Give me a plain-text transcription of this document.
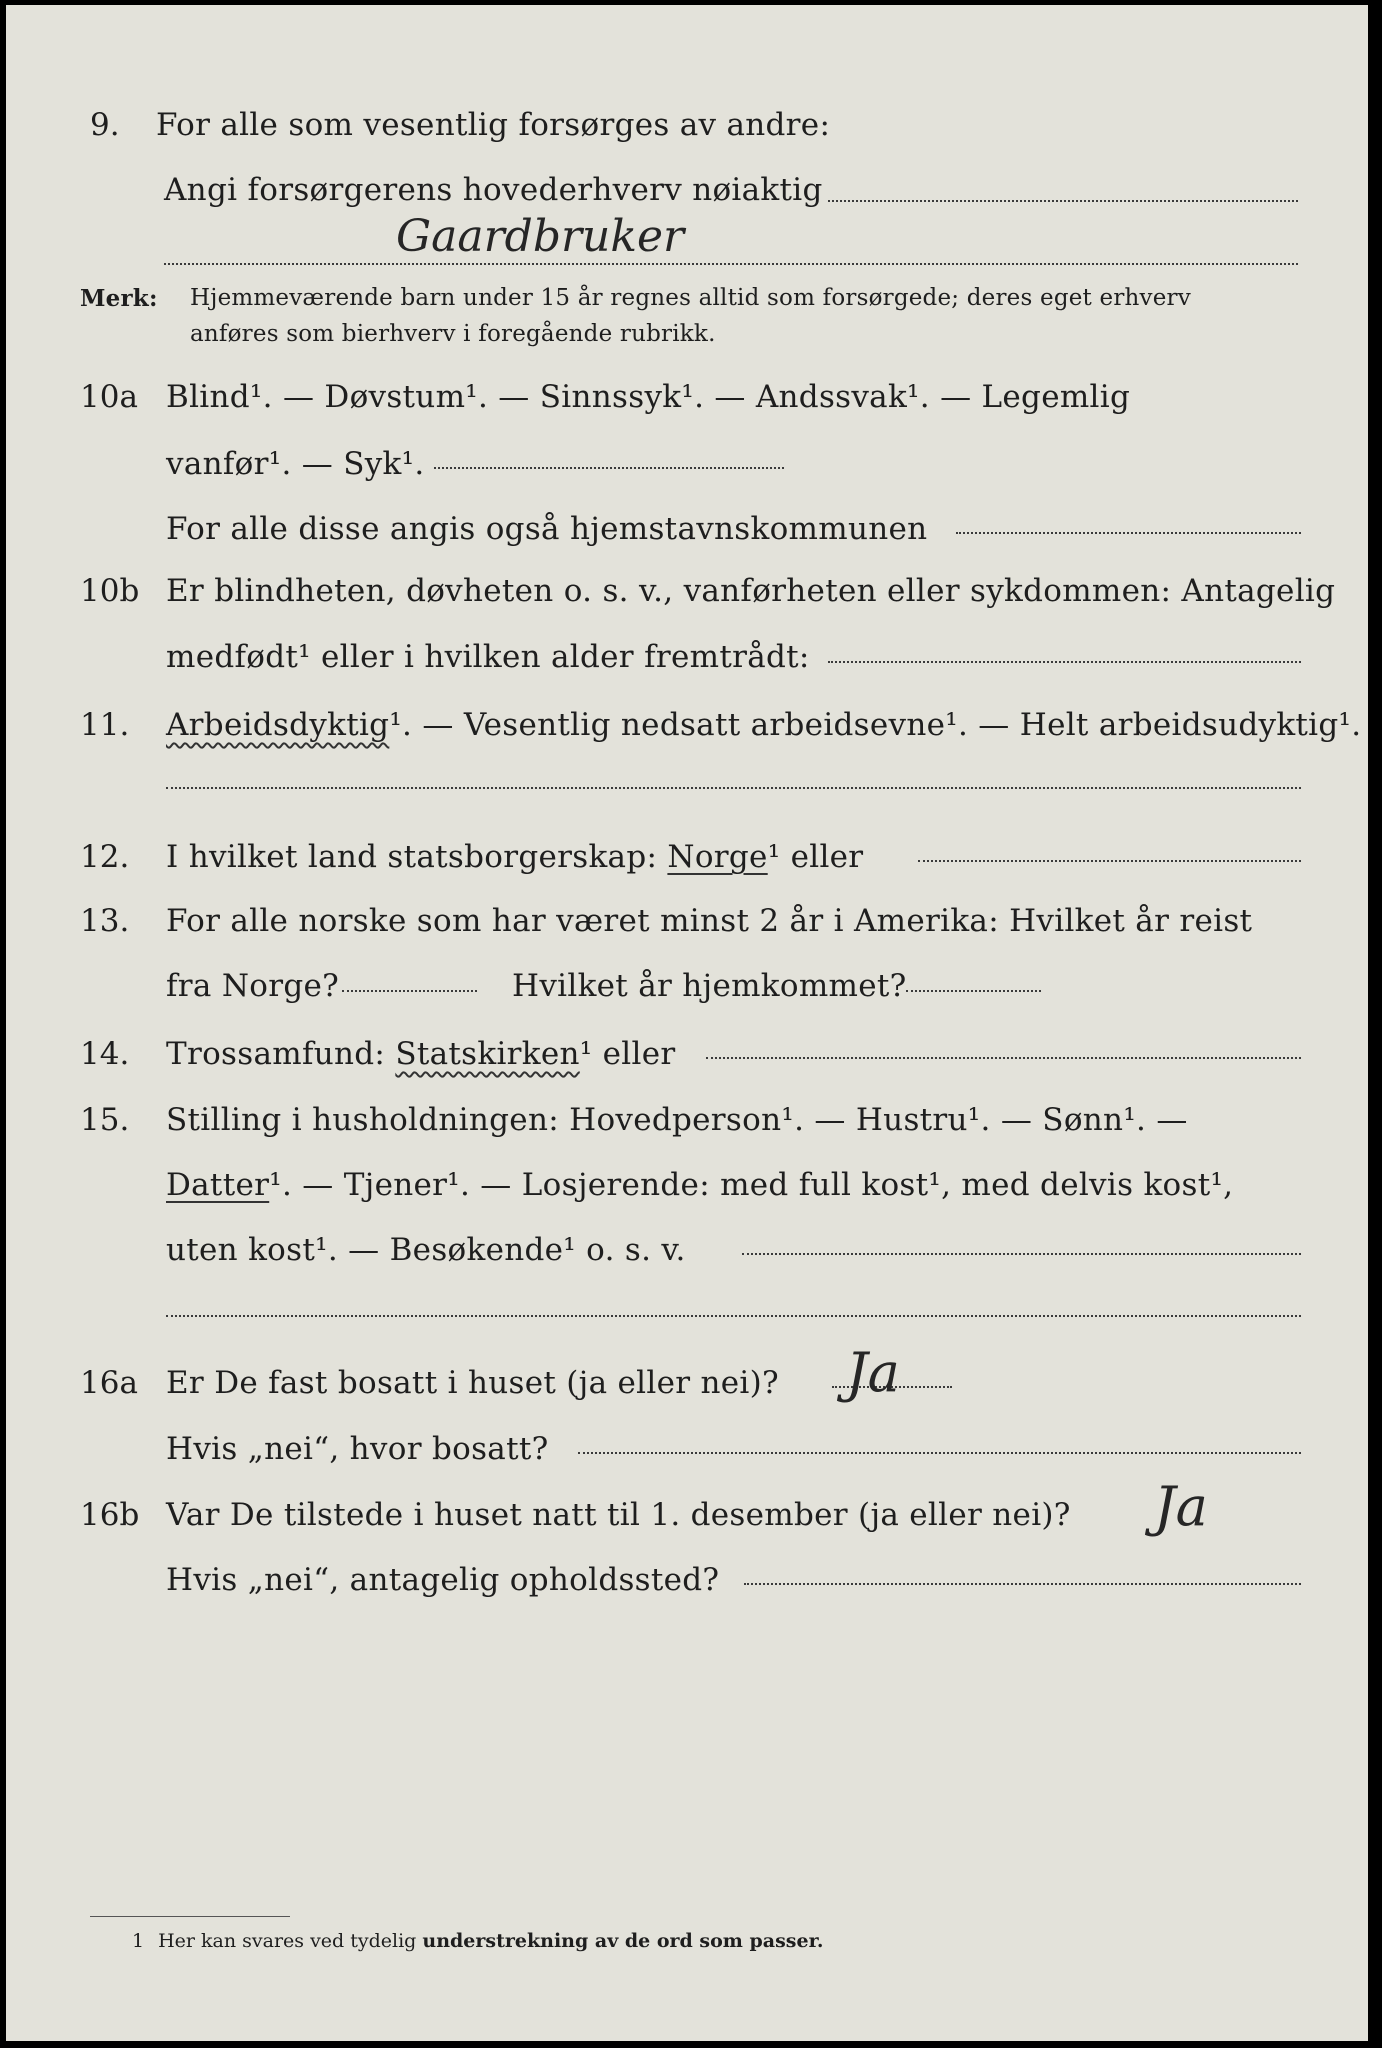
9. For alle som vesentlig forsørges av andre:
Angi forsørgerens hovederhverv nøiaktig
Gaardbruker
Merk: Hjemmeværende barn under 15 år regnes alltid som forsørgede; deres eget erhverv
anføres som bierhverv i foregående rubrikk.
10a Blind¹. — Døvstum¹. — Sinnssyk¹. — Andssvak¹. — Legemlig
vanfør¹. — Syk¹.
For alle disse angis også hjemstavnskommunen
10b Er blindheten, døvheten o. s. v., vanførheten eller sykdommen: Antagelig
medfødt¹ eller i hvilken alder fremtrådt:
11. Arbeidsdyktig¹. — Vesentlig nedsatt arbeidsevne¹. — Helt arbeidsudyktig¹.
12. I hvilket land statsborgerskap: Norge¹ eller
13. For alle norske som har været minst 2 år i Amerika: Hvilket år reist
fra Norge?	Hvilket år hjemkommet?
14. Trossamfund: Statskirken¹ eller
15. Stilling i husholdningen: Hovedperson¹. — Hustru¹. — Sønn¹. —
Datter¹. — Tjener¹. — Losjerende: med full kost¹, med delvis kost¹,
uten kost¹. — Besøkende¹ o. s. v.
16a Er De fast bosatt i huset (ja eller nei)? Ja
Hvis „nei“, hvor bosatt?
16b Var De tilstede i huset natt til 1. desember (ja eller nei)? Ja
Hvis „nei“, antagelig opholdssted?
1 Her kan svares ved tydelig understrekning av de ord som passer.
